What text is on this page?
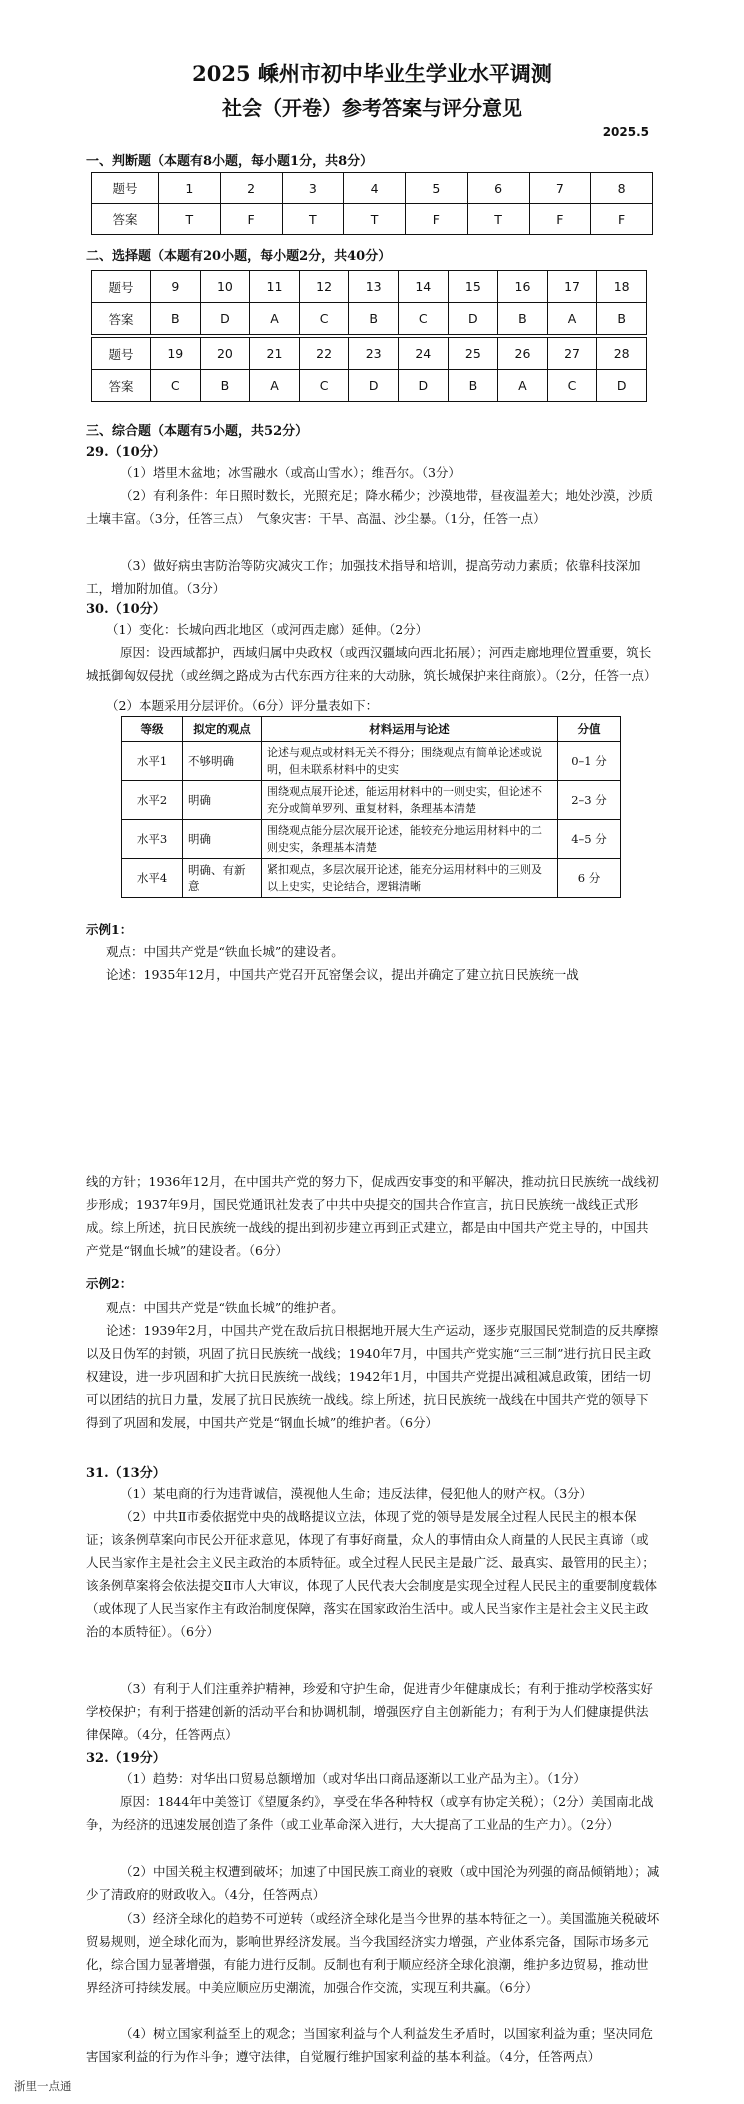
2025 嵊州市初中毕业生学业水平调测
社会（开卷）参考答案与评分意见
2025.5
一、判断题（本题有8小题，每小题1分，共8分）
题号	1	2	3	4	5	6	7	8
答案	T	F	T	T	F	T	F	F
二、选择题（本题有20小题，每小题2分，共40分）
题号	9	10	11	12	13	14	15	16	17	18
答案	B	D	A	C	B	C	D	B	A	B
题号	19	20	21	22	23	24	25	26	27	28
答案	C	B	A	C	D	D	B	A	C	D
三、综合题（本题有5小题，共52分）
29.（10分）
（1）塔里木盆地；冰雪融水（或高山雪水）；维吾尔。（3分）
（2）有利条件：年日照时数长，光照充足；降水稀少；沙漠地带，昼夜温差大；地处沙漠，沙质土壤丰富。（3分，任答三点）　气象灾害：干旱、高温、沙尘暴。（1分，任答一点）
（3）做好病虫害防治等防灾减灾工作；加强技术指导和培训，提高劳动力素质；依靠科技深加工，增加附加值。（3分）
30.（10分）
（1）变化：长城向西北地区（或河西走廊）延伸。（2分）
原因：设西域都护，西域归属中央政权（或西汉疆域向西北拓展）；河西走廊地理位置重要，筑长城抵御匈奴侵扰（或丝绸之路成为古代东西方往来的大动脉，筑长城保护来往商旅）。（2分，任答一点）
（2）本题采用分层评价。（6分）评分量表如下：
等级	拟定的观点	材料运用与论述	分值
水平1	不够明确	论述与观点或材料无关不得分；围绕观点有简单论述或说明，但未联系材料中的史实	0–1 分
水平2	明确	围绕观点展开论述，能运用材料中的一则史实，但论述不充分或简单罗列、重复材料，条理基本清楚	2–3 分
水平3	明确	围绕观点能分层次展开论述，能较充分地运用材料中的二则史实，条理基本清楚	4–5 分
水平4	明确、有新意	紧扣观点，多层次展开论述，能充分运用材料中的三则及以上史实，史论结合，逻辑清晰	6 分
示例1：
观点：中国共产党是“铁血长城”的建设者。
论述：1935年12月，中国共产党召开瓦窑堡会议，提出并确定了建立抗日民族统一战
线的方针；1936年12月，在中国共产党的努力下，促成西安事变的和平解决，推动抗日民族统一战线初步形成；1937年9月，国民党通讯社发表了中共中央提交的国共合作宣言，抗日民族统一战线正式形成。综上所述，抗日民族统一战线的提出到初步建立再到正式建立，都是由中国共产党主导的，中国共产党是“钢血长城”的建设者。（6分）
示例2：
观点：中国共产党是“铁血长城”的维护者。
论述：1939年2月，中国共产党在敌后抗日根据地开展大生产运动，逐步克服国民党制造的反共摩擦以及日伪军的封锁，巩固了抗日民族统一战线；1940年7月，中国共产党实施“三三制”进行抗日民主政权建设，进一步巩固和扩大抗日民族统一战线；1942年1月，中国共产党提出减租减息政策，团结一切可以团结的抗日力量，发展了抗日民族统一战线。综上所述，抗日民族统一战线在中国共产党的领导下得到了巩固和发展，中国共产党是“钢血长城”的维护者。（6分）
31.（13分）
（1）某电商的行为违背诚信，漠视他人生命；违反法律，侵犯他人的财产权。（3分）
（2）中共Ⅱ市委依据党中央的战略提议立法，体现了党的领导是发展全过程人民民主的根本保证；该条例草案向市民公开征求意见，体现了有事好商量，众人的事情由众人商量的人民民主真谛（或人民当家作主是社会主义民主政治的本质特征。或全过程人民民主是最广泛、最真实、最管用的民主）；该条例草案将会依法提交Ⅱ市人大审议，体现了人民代表大会制度是实现全过程人民民主的重要制度载体（或体现了人民当家作主有政治制度保障，落实在国家政治生活中。或人民当家作主是社会主义民主政治的本质特征）。（6分）
（3）有利于人们注重养护精神，珍爱和守护生命，促进青少年健康成长；有利于推动学校落实好学校保护；有利于搭建创新的活动平台和协调机制，增强医疗自主创新能力；有利于为人们健康提供法律保障。（4分，任答两点）
32.（19分）
（1）趋势：对华出口贸易总额增加（或对华出口商品逐渐以工业产品为主）。（1分）
原因：1844年中美签订《望厦条约》，享受在华各种特权（或享有协定关税）；（2分）美国南北战争，为经济的迅速发展创造了条件（或工业革命深入进行，大大提高了工业品的生产力）。（2分）
（2）中国关税主权遭到破坏；加速了中国民族工商业的衰败（或中国沦为列强的商品倾销地）；减少了清政府的财政收入。（4分，任答两点）
（3）经济全球化的趋势不可逆转（或经济全球化是当今世界的基本特征之一）。美国滥施关税破坏贸易规则，逆全球化而为，影响世界经济发展。当今我国经济实力增强，产业体系完备，国际市场多元化，综合国力显著增强，有能力进行反制。反制也有利于顺应经济全球化浪潮，维护多边贸易，推动世界经济可持续发展。中美应顺应历史潮流，加强合作交流，实现互利共赢。（6分）
（4）树立国家利益至上的观念；当国家利益与个人利益发生矛盾时，以国家利益为重；坚决同危害国家利益的行为作斗争；遵守法律，自觉履行维护国家利益的基本利益。（4分，任答两点）
浙里一点通
